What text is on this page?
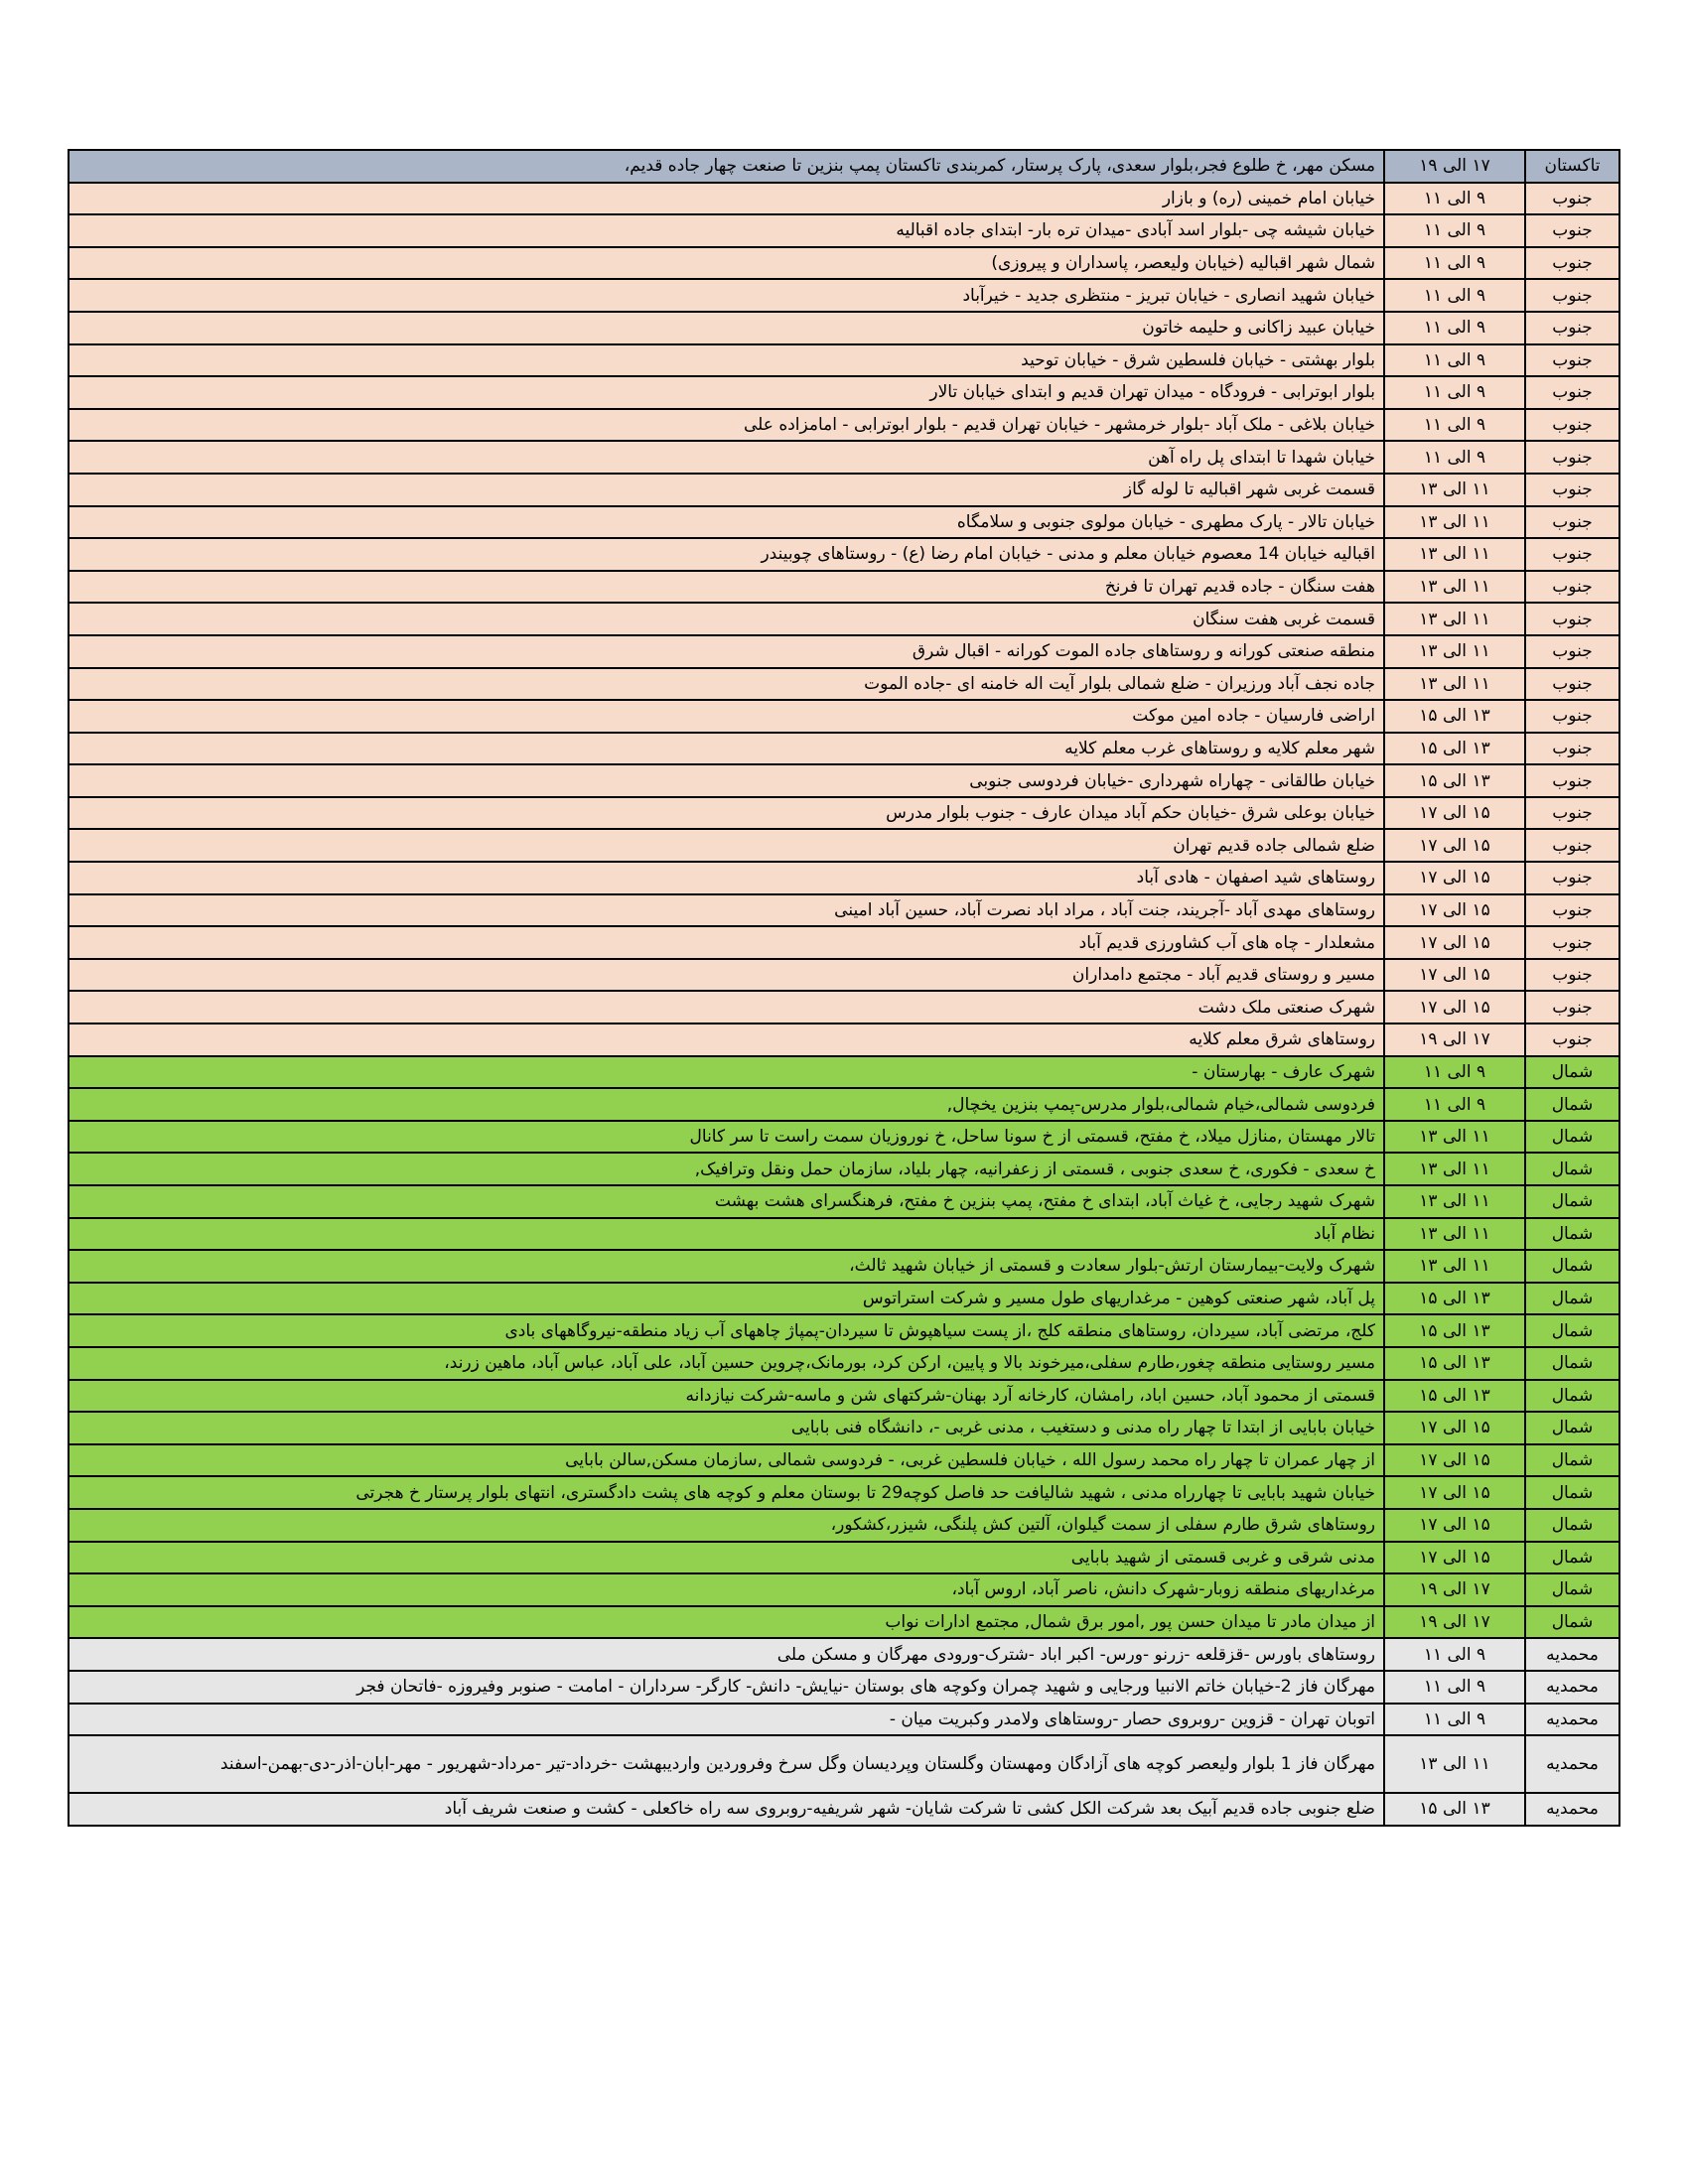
تاکستان	۱۷ الی ۱۹	مسکن مهر، خ طلوع فجر،بلوار سعدی، پارک پرستار، کمربندی تاکستان پمپ بنزین تا صنعت چهار جاده قدیم،
جنوب	۹ الی ۱۱	خیابان امام خمینی (ره) و بازار
جنوب	۹ الی ۱۱	خیابان شیشه چی -بلوار اسد آبادی -میدان تره بار- ابتدای جاده اقبالیه
جنوب	۹ الی ۱۱	شمال شهر اقبالیه (خیابان ولیعصر، پاسداران و پیروزی)
جنوب	۹ الی ۱۱	خیابان شهید انصاری - خیابان تبریز - منتظری جدید - خیرآباد
جنوب	۹ الی ۱۱	خیابان عبید زاکانی و حلیمه خاتون
جنوب	۹ الی ۱۱	بلوار بهشتی - خیابان فلسطین شرق - خیابان توحید
جنوب	۹ الی ۱۱	بلوار ابوترابی - فرودگاه - میدان تهران قدیم و ابتدای خیابان تالار
جنوب	۹ الی ۱۱	خیابان بلاغی - ملک آباد -بلوار خرمشهر - خیابان تهران قدیم - بلوار ابوترابی - امامزاده علی
جنوب	۹ الی ۱۱	خیابان شهدا تا ابتدای پل راه آهن
جنوب	۱۱ الی ۱۳	قسمت غربی شهر اقبالیه تا لوله گاز
جنوب	۱۱ الی ۱۳	خیابان تالار - پارک مطهری - خیابان مولوی جنوبی و سلامگاه
جنوب	۱۱ الی ۱۳	اقبالیه خیابان 14 معصوم خیابان معلم و مدنی - خیابان امام رضا (ع) - روستاهای چوبیندر
جنوب	۱۱ الی ۱۳	هفت سنگان - جاده قدیم تهران تا فرنخ
جنوب	۱۱ الی ۱۳	قسمت غربی هفت سنگان
جنوب	۱۱ الی ۱۳	منطقه صنعتی کورانه و روستاهای جاده الموت کورانه - اقبال شرق
جنوب	۱۱ الی ۱۳	جاده نجف آباد ورزیران - ضلع شمالی بلوار آیت اله خامنه ای -جاده الموت
جنوب	۱۳ الی ۱۵	اراضی فارسیان - جاده امین موکت
جنوب	۱۳ الی ۱۵	شهر معلم کلایه و روستاهای غرب معلم کلایه
جنوب	۱۳ الی ۱۵	خیابان طالقانی - چهاراه شهرداری -خیابان فردوسی جنوبی
جنوب	۱۵ الی ۱۷	خیابان بوعلی شرق -خیابان حکم آباد میدان عارف - جنوب بلوار مدرس
جنوب	۱۵ الی ۱۷	ضلع شمالی جاده قدیم تهران
جنوب	۱۵ الی ۱۷	روستاهای شید اصفهان - هادی آباد
جنوب	۱۵ الی ۱۷	روستاهای مهدی آباد -آجریند، جنت آباد ، مراد اباد نصرت آباد، حسین آباد امینی
جنوب	۱۵ الی ۱۷	مشعلدار - چاه های آب کشاورزی قدیم آباد
جنوب	۱۵ الی ۱۷	مسیر و روستای قدیم آباد - مجتمع دامداران
جنوب	۱۵ الی ۱۷	شهرک صنعتی ملک دشت
جنوب	۱۷ الی ۱۹	روستاهای شرق معلم کلایه
شمال	۹ الی ۱۱	شهرک عارف - بهارستان -
شمال	۹ الی ۱۱	فردوسی شمالی،خیام شمالی،بلوار مدرس-پمپ بنزین یخچال,
شمال	۱۱ الی ۱۳	تالار مهستان ,منازل میلاد، خ مفتح، قسمتی از خ سونا ساحل، خ نوروزیان سمت راست تا سر کانال
شمال	۱۱ الی ۱۳	خ سعدی - فکوری، خ سعدی جنوبی ، قسمتی از زعفرانیه، چهار بلیاد، سازمان حمل ونقل وترافیک,
شمال	۱۱ الی ۱۳	شهرک شهید رجایی، خ غیاث آباد، ابتدای خ مفتح، پمپ بنزین خ مفتح، فرهنگسرای هشت بهشت
شمال	۱۱ الی ۱۳	نظام آباد
شمال	۱۱ الی ۱۳	شهرک ولایت-بیمارستان ارتش-بلوار سعادت و قسمتی از خیابان شهید ثالث،
شمال	۱۳ الی ۱۵	پل آباد، شهر صنعتی کوهین - مرغداریهای طول مسیر و شرکت استراتوس
شمال	۱۳ الی ۱۵	کلج، مرتضی آباد، سیردان، روستاهای منطقه کلج ،از پست سیاهپوش تا سیردان-پمپاژ چاههای آب زیاد منطقه-نیروگاههای بادی
شمال	۱۳ الی ۱۵	مسیر روستایی منطقه چغور،طارم سفلی،میرخوند بالا و پایین، ارکن کرد، بورمانک،چروین حسین آباد، علی آباد، عباس آباد، ماهین زرند،
شمال	۱۳ الی ۱۵	قسمتی از محمود آباد، حسین اباد، رامشان، کارخانه آرد بهنان-شرکتهای شن و ماسه-شرکت نیازدانه
شمال	۱۵ الی ۱۷	خیابان بابایی از ابتدا تا چهار راه مدنی و دستغیب ، مدنی غربی -، دانشگاه فنی بابایی
شمال	۱۵ الی ۱۷	از چهار عمران تا چهار راه محمد رسول الله ، خیابان فلسطین غربی، - فردوسی شمالی ,سازمان مسکن,سالن بابایی
شمال	۱۵ الی ۱۷	خیابان شهید بابایی تا چهارراه مدنی ، شهید شالیافت حد فاصل کوچه29 تا بوستان معلم و کوچه های پشت دادگستری، انتهای بلوار پرستار خ هجرتی
شمال	۱۵ الی ۱۷	روستاهای شرق طارم سفلی از سمت گیلوان، آلتین کش پلنگی، شیزر،کشکور،
شمال	۱۵ الی ۱۷	مدنی شرقی و غربی قسمتی از شهید بابایی
شمال	۱۷ الی ۱۹	مرغداریهای منطقه زوبار-شهرک دانش، ناصر آباد، اروس آباد،
شمال	۱۷ الی ۱۹	از میدان مادر تا میدان حسن پور ,امور برق شمال, مجتمع ادارات نواب
محمدیه	۹ الی ۱۱	روستاهای باورس -قزقلعه -زرنو -ورس- اکبر اباد -شترک-ورودی مهرگان و مسکن ملی
محمدیه	۹ الی ۱۱	مهرگان فاز 2-خیابان خاتم الانبیا ورجایی و شهید چمران وکوچه های بوستان -نیایش- دانش- کارگر- سرداران - امامت - صنوبر وفیروزه -فاتحان فجر
محمدیه	۹ الی ۱۱	اتوبان تهران - قزوین -روبروی حصار -روستاهای ولامدر وکبریت میان -
محمدیه	۱۱ الی ۱۳	مهرگان فاز 1 بلوار ولیعصر کوچه های آزادگان ومهستان وگلستان وپردیسان وگل سرخ وفروردین واردیبهشت -خرداد-تیر -مرداد-شهریور - مهر-ابان-اذر-دی-بهمن-اسفند
محمدیه	۱۳ الی ۱۵	ضلع جنوبی جاده قدیم آبیک بعد شرکت الکل کشی تا شرکت شایان- شهر شریفیه-روبروی سه راه خاکعلی - کشت و صنعت شریف آباد
